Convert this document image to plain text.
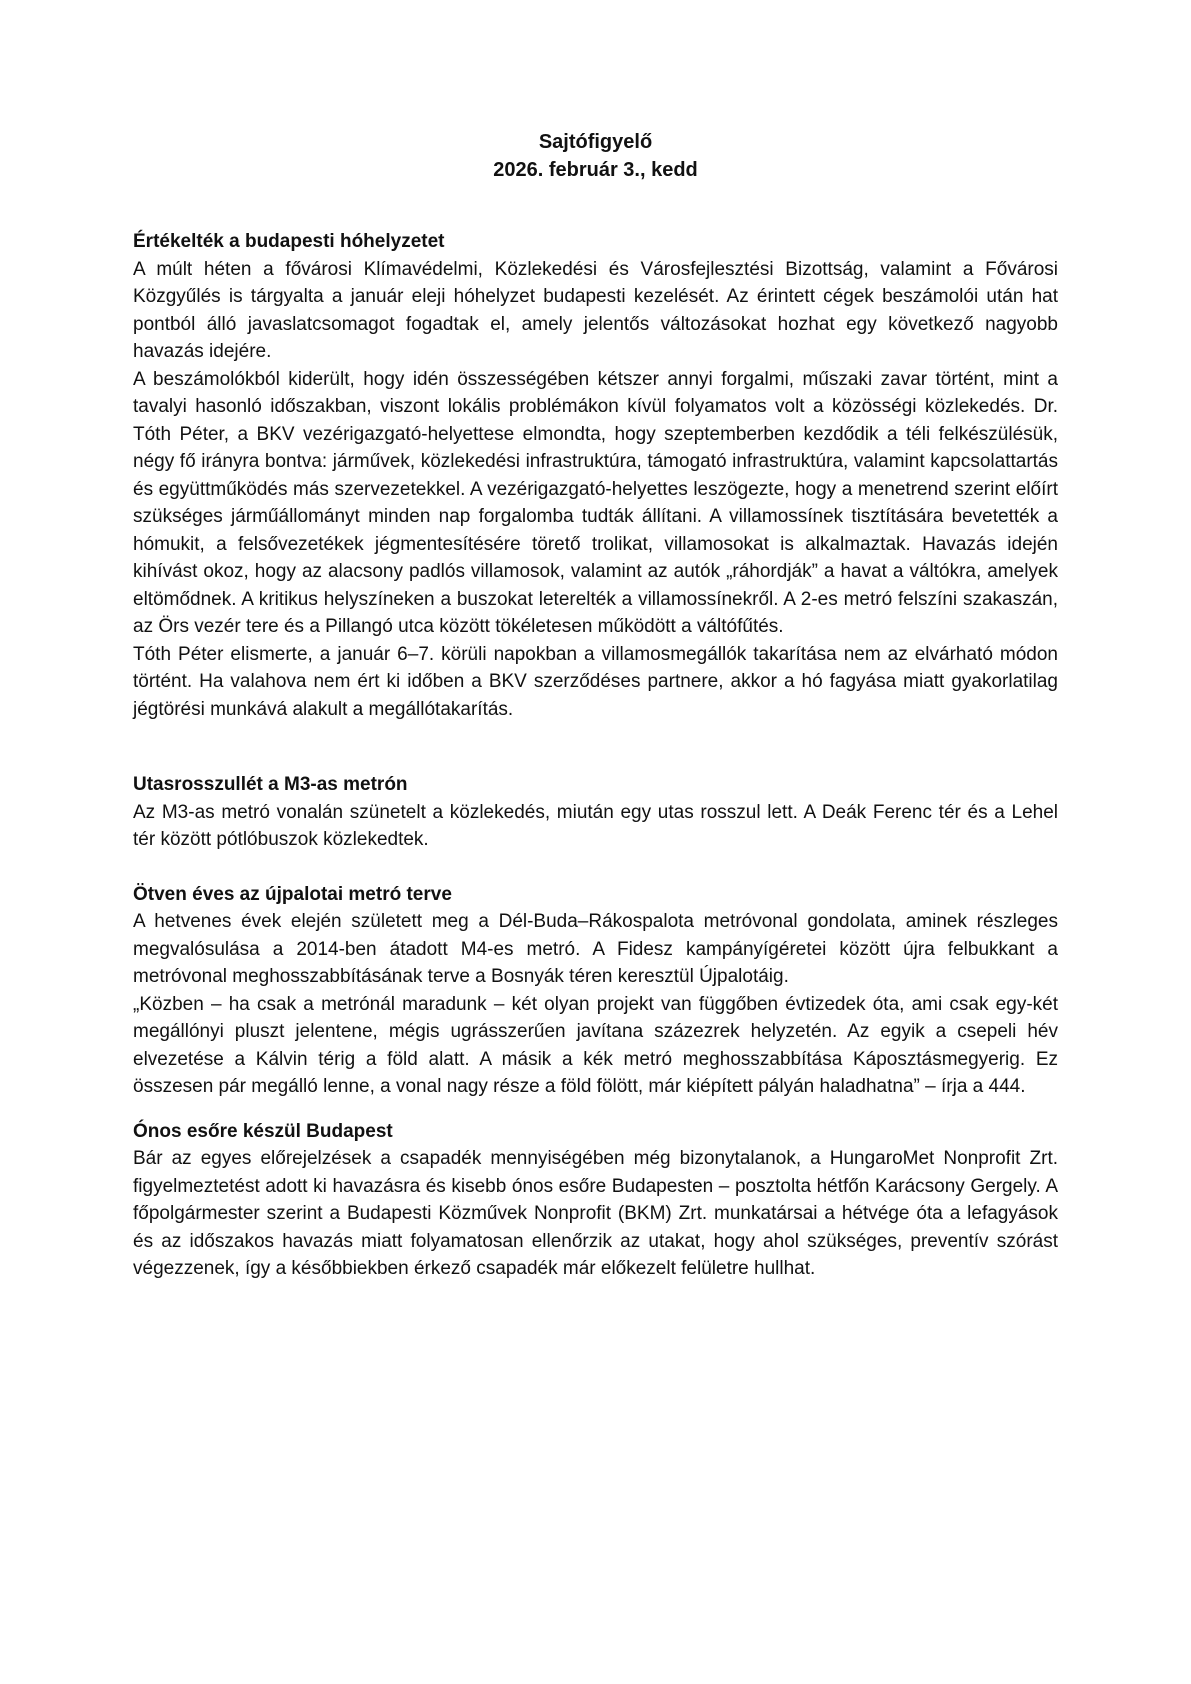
Sajtófigyelő
2026. február 3., kedd
Értékelték a budapesti hóhelyzetet

A múlt héten a fővárosi Klímavédelmi, Közlekedési és Városfejlesztési Bizottság, valamint a Fővárosi Közgyűlés is tárgyalta a január eleji hóhelyzet budapesti kezelését. Az érintett cégek beszámolói után hat pontból álló javaslatcsomagot fogadtak el, amely jelentős változásokat hozhat egy következő nagyobb havazás idejére.

A beszámolókból kiderült, hogy idén összességében kétszer annyi forgalmi, műszaki zavar történt, mint a tavalyi hasonló időszakban, viszont lokális problémákon kívül folyamatos volt a közösségi közlekedés. Dr. Tóth Péter, a BKV vezérigazgató-helyettese elmondta, hogy szeptemberben kezdődik a téli felkészülésük, négy fő irányra bontva: járművek, közlekedési infrastruktúra, támogató infrastruktúra, valamint kapcsolattartás és együttműködés más szervezetekkel. A vezérigazgató-helyettes leszögezte, hogy a menetrend szerint előírt szükséges járműállományt minden nap forgalomba tudták állítani. A villamossínek tisztítására bevetették a hómukit, a felsővezetékek jégmentesítésére törető trolikat, villamosokat is alkalmaztak. Havazás idején kihívást okoz, hogy az alacsony padlós villamosok, valamint az autók „ráhordják” a havat a váltókra, amelyek eltömődnek. A kritikus helyszíneken a buszokat leterelték a villamossínekről. A 2-es metró felszíni szakaszán, az Örs vezér tere és a Pillangó utca között tökéletesen működött a váltófűtés.

Tóth Péter elismerte, a január 6–7. körüli napokban a villamosmegállók takarítása nem az elvárható módon történt. Ha valahova nem ért ki időben a BKV szerződéses partnere, akkor a hó fagyása miatt gyakorlatilag jégtörési munkává alakult a megállótakarítás.

Utasrosszullét a M3-as metrón

Az M3-as metró vonalán szünetelt a közlekedés, miután egy utas rosszul lett. A Deák Ferenc tér és a Lehel tér között pótlóbuszok közlekedtek.

Ötven éves az újpalotai metró terve

A hetvenes évek elején született meg a Dél-Buda–Rákospalota metróvonal gondolata, aminek részleges megvalósulása a 2014-ben átadott M4-es metró. A Fidesz kampányígéretei között újra felbukkant a metróvonal meghosszabbításának terve a Bosnyák téren keresztül Újpalotáig.

„Közben – ha csak a metrónál maradunk – két olyan projekt van függőben évtizedek óta, ami csak egy-két megállónyi pluszt jelentene, mégis ugrásszerűen javítana százezrek helyzetén. Az egyik a csepeli hév elvezetése a Kálvin térig a föld alatt. A másik a kék metró meghosszabbítása Káposztásmegyerig. Ez összesen pár megálló lenne, a vonal nagy része a föld fölött, már kiépített pályán haladhatna” – írja a 444.

Ónos esőre készül Budapest

Bár az egyes előrejelzések a csapadék mennyiségében még bizonytalanok, a HungaroMet Nonprofit Zrt. figyelmeztetést adott ki havazásra és kisebb ónos esőre Budapesten – posztolta hétfőn Karácsony Gergely. A főpolgármester szerint a Budapesti Közművek Nonprofit (BKM) Zrt. munkatársai a hétvége óta a lefagyások és az időszakos havazás miatt folyamatosan ellenőrzik az utakat, hogy ahol szükséges, preventív szórást végezzenek, így a későbbiekben érkező csapadék már előkezelt felületre hullhat.
